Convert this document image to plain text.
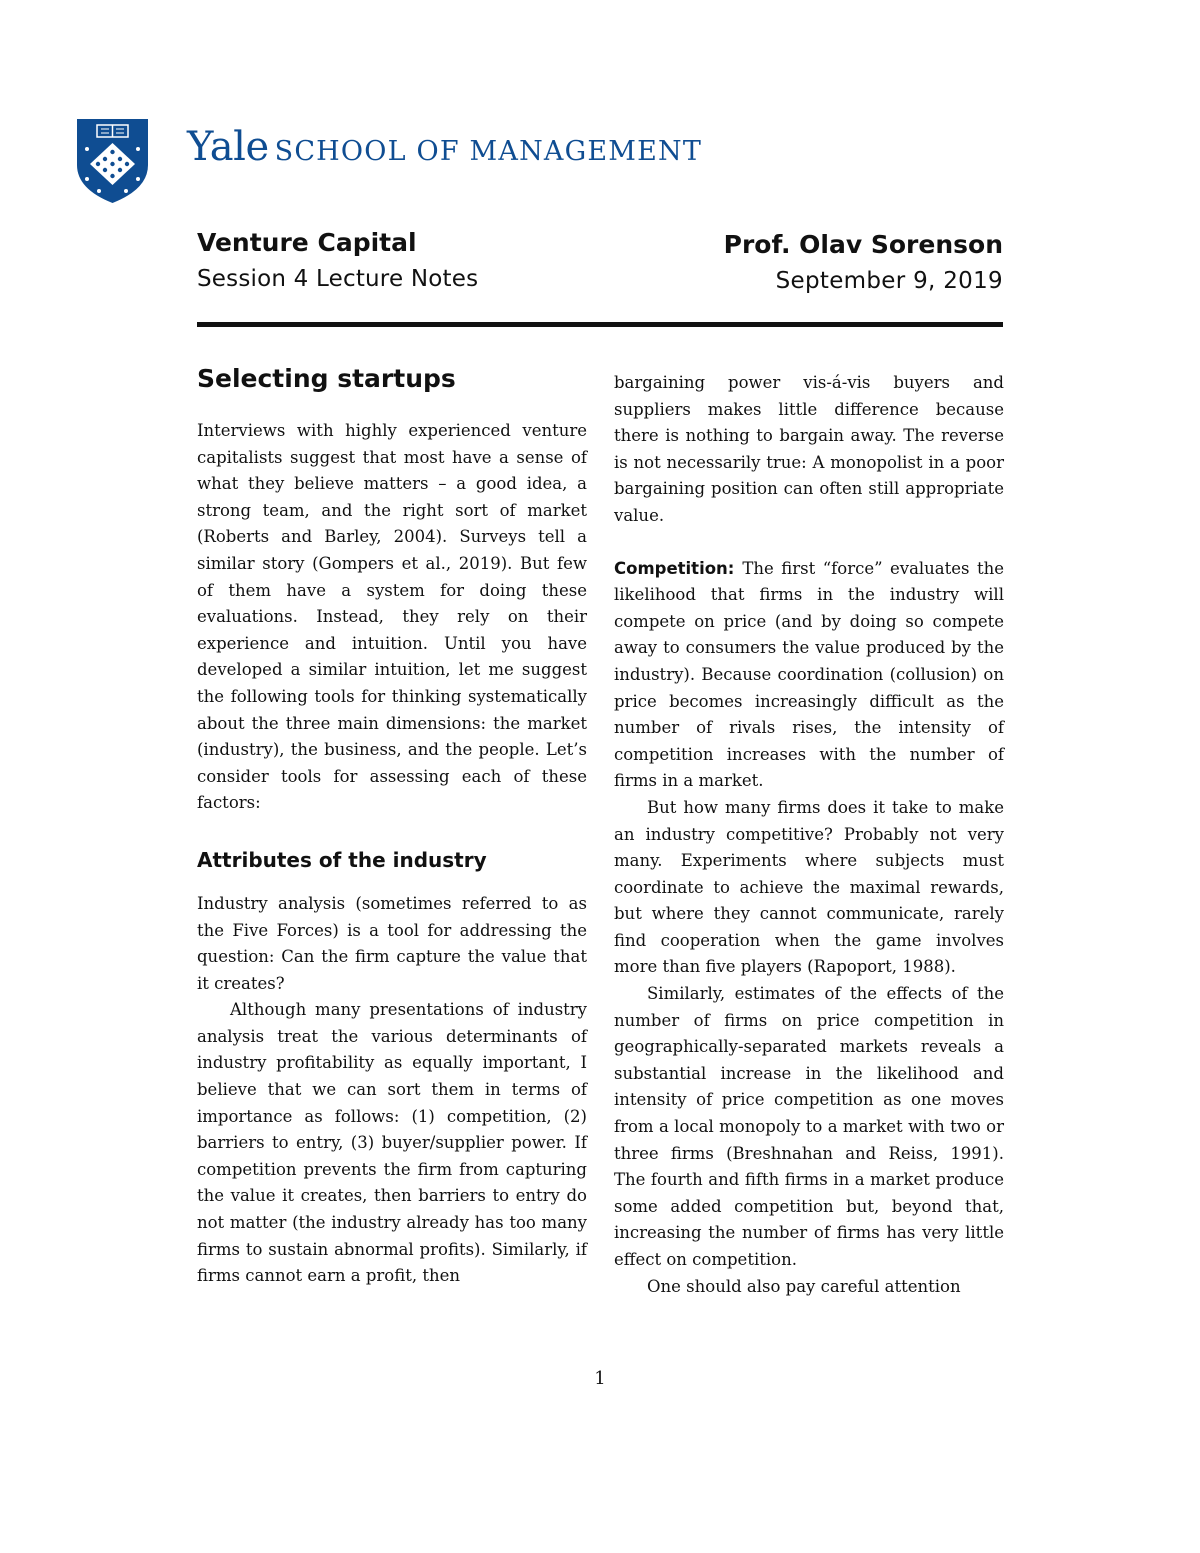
Yale SCHOOL OF MANAGEMENT
Venture Capital
Session 4 Lecture Notes
Prof. Olav Sorenson
September 9, 2019
Selecting startups

Interviews with highly experienced venture capitalists suggest that most have a sense of what they believe matters – a good idea, a strong team, and the right sort of market (Roberts and Barley, 2004). Surveys tell a similar story (Gompers et al., 2019). But few of them have a system for doing these evaluations. Instead, they rely on their experience and intuition. Until you have developed a similar intuition, let me suggest the following tools for thinking systematically about the three main dimensions: the market (industry), the business, and the people. Let’s consider tools for assessing each of these factors:

Attributes of the industry

Industry analysis (sometimes referred to as the Five Forces) is a tool for addressing the question: Can the firm capture the value that it creates?

Although many presentations of industry analysis treat the various determinants of industry profitability as equally important, I believe that we can sort them in terms of importance as follows: (1) competition, (2) barriers to entry, (3) buyer/supplier power. If competition prevents the firm from capturing the value it creates, then barriers to entry do not matter (the industry already has too many firms to sustain abnormal profits). Similarly, if firms cannot earn a profit, then

bargaining power vis-á-vis buyers and suppliers makes little difference because there is nothing to bargain away. The reverse is not necessarily true: A monopolist in a poor bargaining position can often still appropriate value.

Competition: The first “force” evaluates the likelihood that firms in the industry will compete on price (and by doing so compete away to consumers the value produced by the industry). Because coordination (collusion) on price becomes increasingly difficult as the number of rivals rises, the intensity of competition increases with the number of firms in a market.

But how many firms does it take to make an industry competitive? Probably not very many. Experiments where subjects must coordinate to achieve the maximal rewards, but where they cannot communicate, rarely find cooperation when the game involves more than five players (Rapoport, 1988).

Similarly, estimates of the effects of the number of firms on price competition in geographically-separated markets reveals a substantial increase in the likelihood and intensity of price competition as one moves from a local monopoly to a market with two or three firms (Breshnahan and Reiss, 1991). The fourth and fifth firms in a market produce some added competition but, beyond that, increasing the number of firms has very little effect on competition.

One should also pay careful attention

1
